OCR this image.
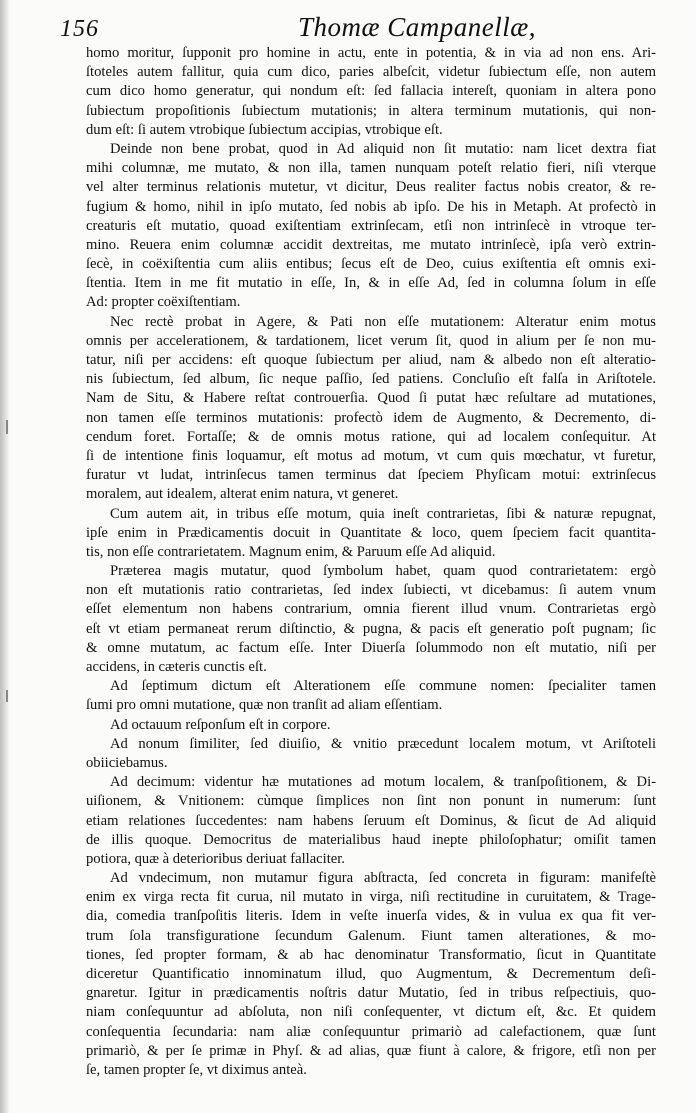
156	Thomæ Campanellæ,
homo moritur, ſupponit pro homine in actu, ente in potentia, & in via ad non ens. Ari-
ſtoteles autem fallitur, quia cum dico, paries albeſcit, videtur ſubiectum eſſe, non autem
cum dico homo generatur, qui nondum eſt: ſed fallacia intereſt, quoniam in altera pono
ſubiectum propoſitionis ſubiectum mutationis; in altera terminum mutationis, qui non-
dum eſt: ſi autem vtrobique ſubiectum accipias, vtrobique eſt.
Deinde non bene probat, quod in Ad aliquid non ſit mutatio: nam licet dextra fiat
mihi columnæ, me mutato, & non illa, tamen nunquam poteſt relatio fieri, niſi vterque
vel alter terminus relationis mutetur, vt dicitur, Deus realiter factus nobis creator, & re-
fugium & homo, nihil in ipſo mutato, ſed nobis ab ipſo. De his in Metaph. At profectò in
creaturis eſt mutatio, quoad exiſtentiam extrinſecam, etſi non intrinſecè in vtroque ter-
mino. Reuera enim columnæ accidit dextreitas, me mutato intrinſecè, ipſa verò extrin-
ſecè, in coëxiſtentia cum aliis entibus; ſecus eſt de Deo, cuius exiſtentia eſt omnis exi-
ſtentia. Item in me fit mutatio in eſſe, In, & in eſſe Ad, ſed in columna ſolum in eſſe
Ad: propter coëxiſtentiam.
Nec rectè probat in Agere, & Pati non eſſe mutationem: Alteratur enim motus
omnis per accelerationem, & tardationem, licet verum ſit, quod in alium per ſe non mu-
tatur, niſi per accidens: eſt quoque ſubiectum per aliud, nam & albedo non eſt alteratio-
nis ſubiectum, ſed album, ſic neque paſſio, ſed patiens. Concluſio eſt falſa in Ariſtotele.
Nam de Situ, & Habere reſtat controuerſia. Quod ſi putat hæc reſultare ad mutationes,
non tamen eſſe terminos mutationis: profectò idem de Augmento, & Decremento, di-
cendum foret. Fortaſſe; & de omnis motus ratione, qui ad localem conſequitur. At
ſi de intentione finis loquamur, eſt motus ad motum, vt cum quis mœchatur, vt furetur,
furatur vt ludat, intrinſecus tamen terminus dat ſpeciem Phyſicam motui: extrinſecus
moralem, aut idealem, alterat enim natura, vt generet.
Cum autem ait, in tribus eſſe motum, quia ineſt contrarietas, ſibi & naturæ repugnat,
ipſe enim in Prædicamentis docuit in Quantitate & loco, quem ſpeciem facit quantita-
tis, non eſſe contrarietatem. Magnum enim, & Paruum eſſe Ad aliquid.
Præterea magis mutatur, quod ſymbolum habet, quam quod contrarietatem: ergò
non eſt mutationis ratio contrarietas, ſed index ſubiecti, vt dicebamus: ſi autem vnum
eſſet elementum non habens contrarium, omnia fierent illud vnum. Contrarietas ergò
eſt vt etiam permaneat rerum diſtinctio, & pugna, & pacis eſt generatio poſt pugnam; ſic
& omne mutatum, ac factum eſſe. Inter Diuerſa ſolummodo non eſt mutatio, niſi per
accidens, in cæteris cunctis eſt.
Ad ſeptimum dictum eſt Alterationem eſſe commune nomen: ſpecialiter tamen
ſumi pro omni mutatione, quæ non tranſit ad aliam eſſentiam.
Ad octauum reſponſum eſt in corpore.
Ad nonum ſimiliter, ſed diuiſio, & vnitio præcedunt localem motum, vt Ariſtoteli
obiiciebamus.
Ad decimum: videntur hæ mutationes ad motum localem, & tranſpoſitionem, & Di-
uiſionem, & Vnitionem: cùmque ſimplices non ſint non ponunt in numerum: ſunt
etiam relationes ſuccedentes: nam habens ſeruum eſt Dominus, & ſicut de Ad aliquid
de illis quoque. Democritus de materialibus haud inepte philoſophatur; omiſit tamen
potiora, quæ à deterioribus deriuat fallaciter.
Ad vndecimum, non mutamur figura abſtracta, ſed concreta in figuram: manifeſtè
enim ex virga recta fit curua, nil mutato in virga, niſi rectitudine in curuitatem, & Trage-
dia, comedia tranſpoſitis literis. Idem in veſte inuerſa vides, & in vulua ex qua fit ver-
trum ſola transfiguratione ſecundum Galenum. Fiunt tamen alterationes, & mo-
tiones, ſed propter formam, & ab hac denominatur Transformatio, ſicut in Quantitate
diceretur Quantificatio innominatum illud, quo Augmentum, & Decrementum deſi-
gnaretur. Igitur in prædicamentis noſtris datur Mutatio, ſed in tribus reſpectiuis, quo-
niam conſequuntur ad abſoluta, non niſi conſequenter, vt dictum eſt, &c. Et quidem
conſequentia ſecundaria: nam aliæ conſequuntur primariò ad calefactionem, quæ ſunt
primariò, & per ſe primæ in Phyſ. & ad alias, quæ fiunt à calore, & frigore, etſi non per
ſe, tamen propter ſe, vt diximus anteà.
